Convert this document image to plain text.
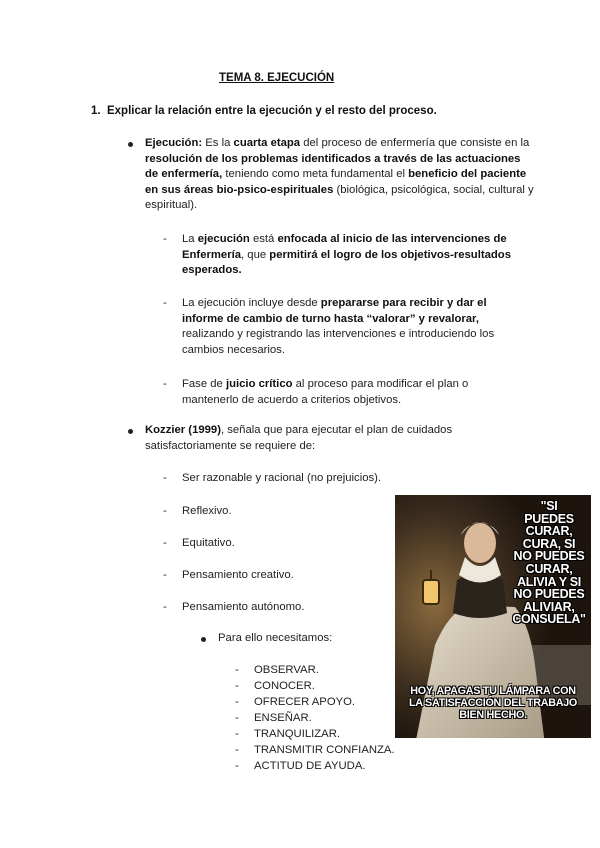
TEMA 8. EJECUCIÓN
1. Explicar la relación entre la ejecución y el resto del proceso.
Ejecución: Es la cuarta etapa del proceso de enfermería que consiste en la resolución de los problemas identificados a través de las actuaciones de enfermería, teniendo como meta fundamental el beneficio del paciente en sus áreas bio-psico-espirituales (biológica, psicológica, social, cultural y espiritual).
- La ejecución está enfocada al inicio de las intervenciones de Enfermería, que permitirá el logro de los objetivos-resultados esperados.
- La ejecución incluye desde prepararse para recibir y dar el informe de cambio de turno hasta “valorar” y revalorar, realizando y registrando las intervenciones e introduciendo los cambios necesarios.
- Fase de juicio crítico al proceso para modificar el plan o mantenerlo de acuerdo a criterios objetivos.
Kozzier (1999), señala que para ejecutar el plan de cuidados satisfactoriamente se requiere de:
- Ser razonable y racional (no prejuicios).
- Reflexivo.
- Equitativo.
- Pensamiento creativo.
- Pensamiento autónomo.
Para ello necesitamos:
- OBSERVAR.
- CONOCER.
- OFRECER APOYO.
- ENSEÑAR.
- TRANQUILIZAR.
- TRANSMITIR CONFIANZA.
- ACTITUD DE AYUDA.
"SI
PUEDES
CURAR,
CURA, SI
NO PUEDES
CURAR,
ALIVIA Y SI
NO PUEDES
ALIVIAR,
CONSUELA"
HOY, APAGAS TU LÁMPARA CON
LA SATISFACCIÓN DEL TRABAJO
BIEN HECHO.
